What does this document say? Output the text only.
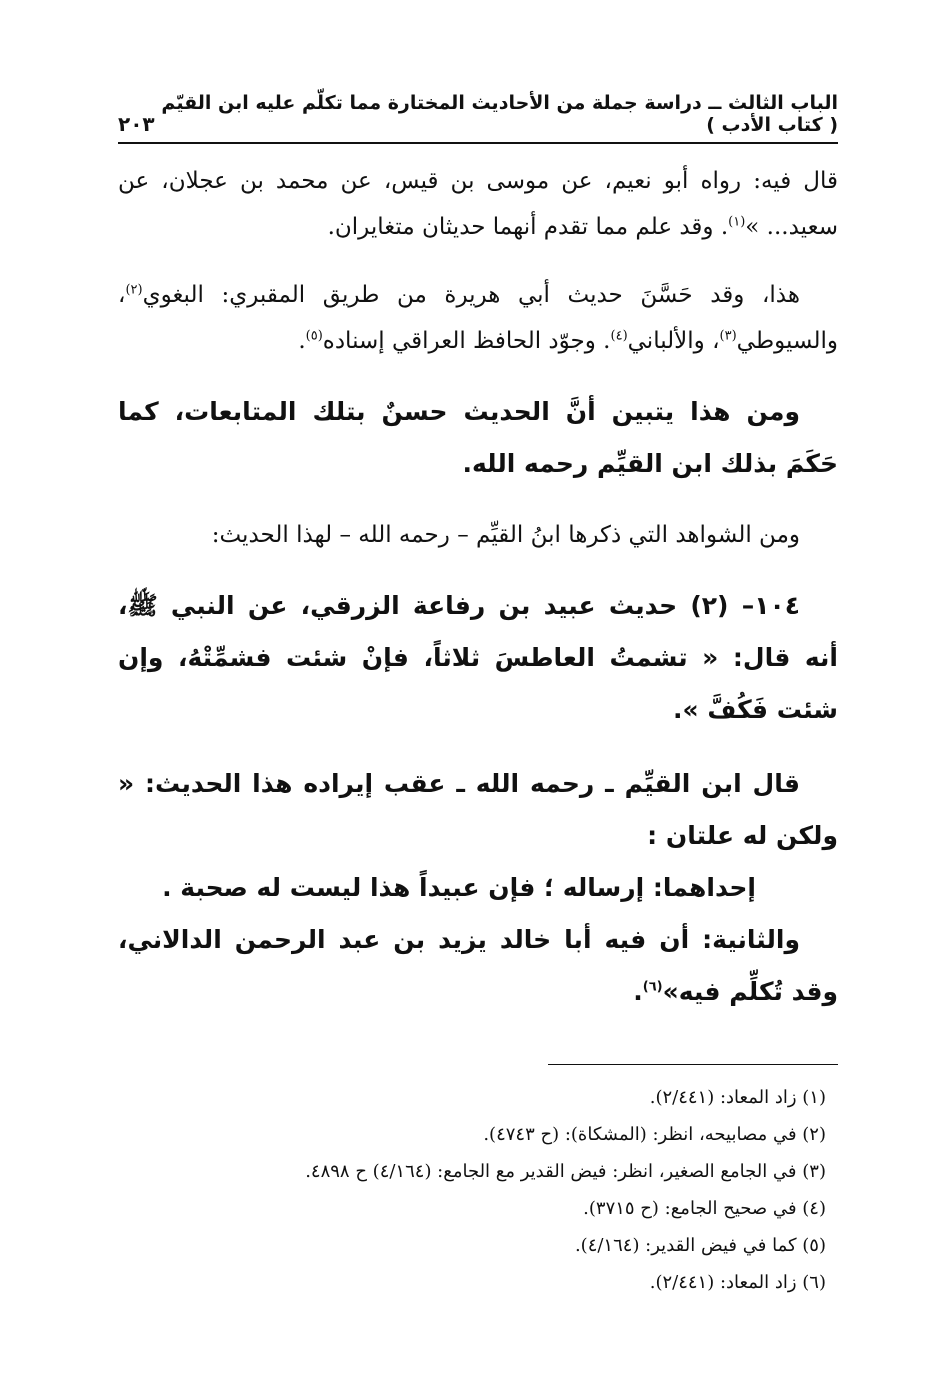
الباب الثالث ــ دراسة جملة من الأحاديث المختارة مما تكلّم عليه ابن القيّم ( كتاب الأدب )
٢٠٣

قال فيه: رواه أبو نعيم، عن موسى بن قيس، عن محمد بن عجلان، عن سعيد... »$^{(١)}$. وقد علم مما تقدم أنهما حديثان متغايران.

هذا، وقد حَسَّنَ حديث أبي هريرة من طريق المقبري: البغوي$^{(٢)}$، والسيوطي$^{(٣)}$، والألباني$^{(٤)}$. وجوّد الحافظ العراقي إسناده$^{(٥)}$.

ومن هذا يتبين أنَّ الحديث حسنٌ بتلك المتابعات، كما حَكَمَ بذلك ابن القيِّم رحمه الله.

ومن الشواهد التي ذكرها ابنُ القيِّم – رحمه الله – لهذا الحديث:

١٠٤– (٢) حديث عبيد بن رفاعة الزرقي، عن النبي ﷺ، أنه قال: « تشمتُ العاطسَ ثلاثاً، فإنْ شئت فشمِّتْهُ، وإن شئت فَكُفَّ ».

قال ابن القيِّم ـ رحمه الله ـ عقب إيراده هذا الحديث: « ولكن له علتان :

إحداهما: إرساله ؛ فإن عبيداً هذا ليست له صحبة .

والثانية: أن فيه أبا خالد يزيد بن عبد الرحمن الدالاني، وقد تُكلِّم فيه»$^{(٦)}$.

(١) زاد المعاد: (٢/٤٤١).

(٢) في مصابيحه، انظر: (المشكاة): (ح ٤٧٤٣).

(٣) في الجامع الصغير، انظر: فيض القدير مع الجامع: (٤/١٦٤) ح ٤٨٩٨.

(٤) في صحيح الجامع: (ح ٣٧١٥).

(٥) كما في فيض القدير: (٤/١٦٤).

(٦) زاد المعاد: (٢/٤٤١).
